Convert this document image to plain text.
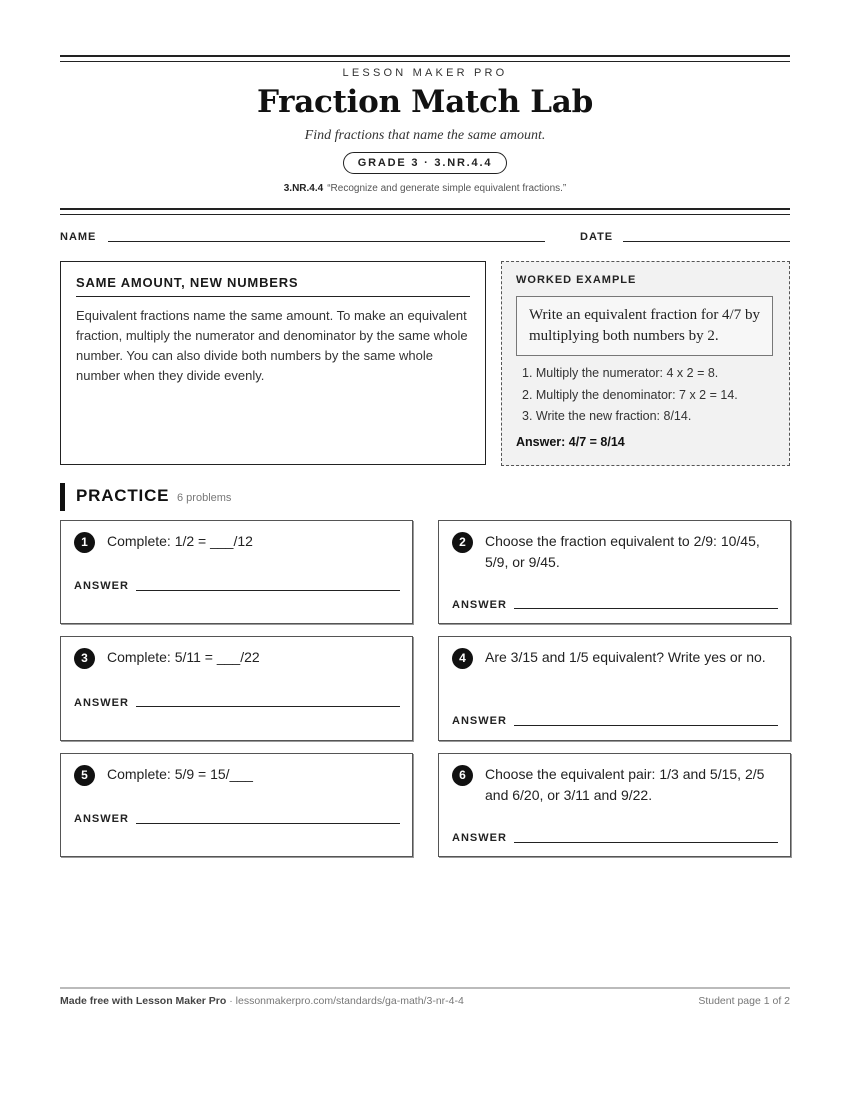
LESSON MAKER PRO
Fraction Match Lab
Find fractions that name the same amount.
GRADE 3 · 3.NR.4.4
3.NR.4.4 “Recognize and generate simple equivalent fractions.”
NAME	DATE
SAME AMOUNT, NEW NUMBERS
Equivalent fractions name the same amount. To make an equivalent fraction, multiply the numerator and denominator by the same whole number. You can also divide both numbers by the same whole number when they divide evenly.
WORKED EXAMPLE
Write an equivalent fraction for 4/7 by multiplying both numbers by 2.
1. Multiply the numerator: 4 x 2 = 8.
2. Multiply the denominator: 7 x 2 = 14.
3. Write the new fraction: 8/14.
Answer: 4/7 = 8/14
PRACTICE 6 problems
1	Complete: 1/2 = ___/12
ANSWER
2	Choose the fraction equivalent to 2/9: 10/45, 5/9, or 9/45.
ANSWER
3	Complete: 5/11 = ___/22
ANSWER
4	Are 3/15 and 1/5 equivalent? Write yes or no.
ANSWER
5	Complete: 5/9 = 15/___
ANSWER
6	Choose the equivalent pair: 1/3 and 5/15, 2/5 and 6/20, or 3/11 and 9/22.
ANSWER
Made free with Lesson Maker Pro · lessonmakerpro.com/standards/ga-math/3-nr-4-4	Student page 1 of 2
